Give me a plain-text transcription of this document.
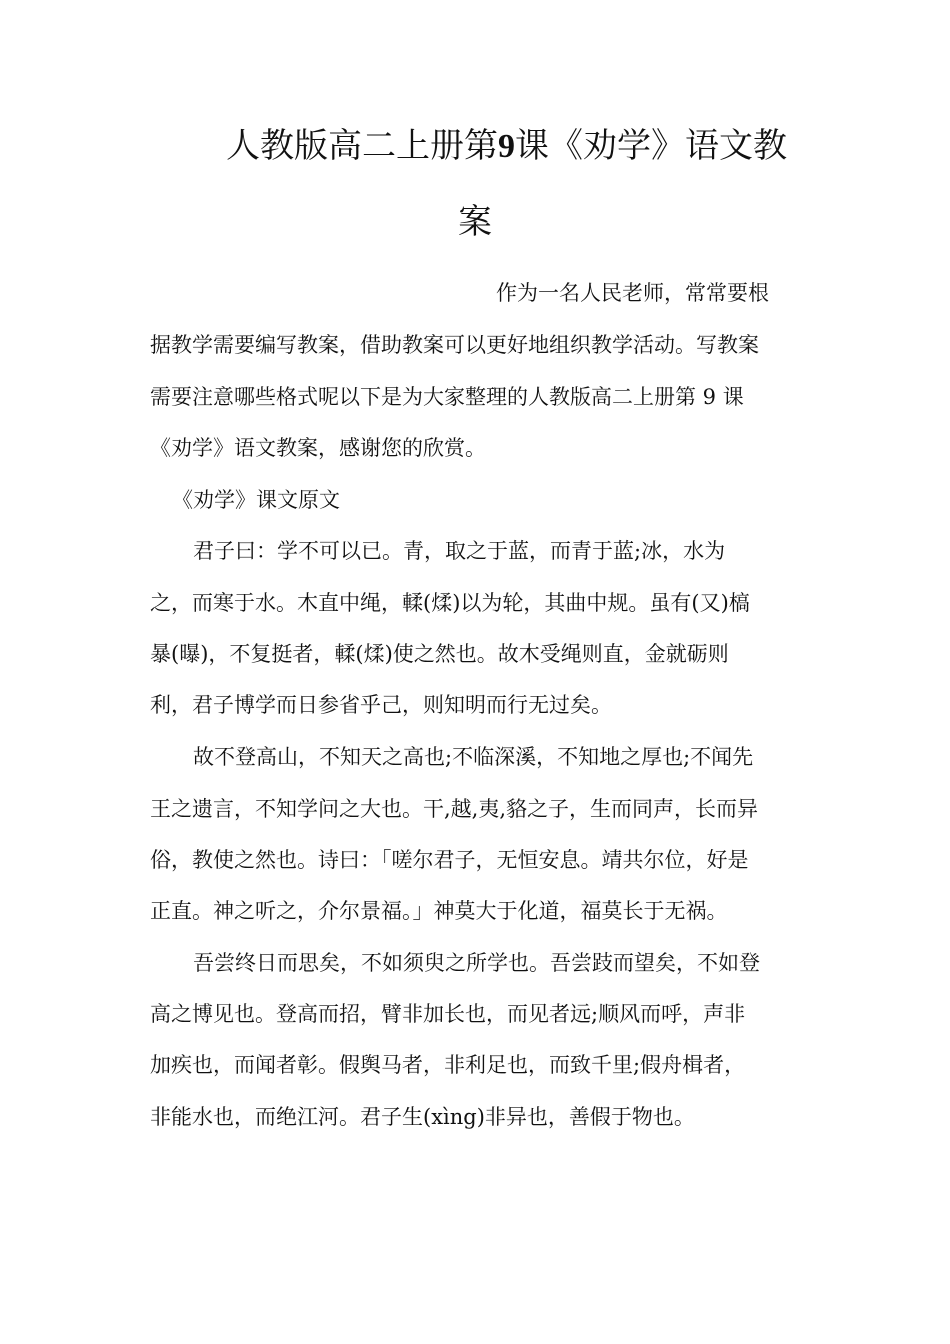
人教版高二上册第9课《劝学》语文教
案
作为一名人民老师，常常要根
据教学需要编写教案，借助教案可以更好地组织教学活动。写教案
需要注意哪些格式呢以下是为大家整理的人教版高二上册第 9 课
《劝学》语文教案，感谢您的欣赏。
《劝学》课文原文
君子曰：学不可以已。青，取之于蓝，而青于蓝;冰，水为
之，而寒于水。木直中绳，輮(煣)以为轮，其曲中规。虽有(又)槁
暴(曝)，不复挺者，輮(煣)使之然也。故木受绳则直，金就砺则
利，君子博学而日参省乎己，则知明而行无过矣。
故不登高山，不知天之高也;不临深溪，不知地之厚也;不闻先
王之遗言，不知学问之大也。干,越,夷,貉之子，生而同声，长而异
俗，教使之然也。诗曰：「嗟尔君子，无恒安息。靖共尔位，好是
正直。神之听之，介尔景福。」神莫大于化道，福莫长于无祸。
吾尝终日而思矣，不如须臾之所学也。吾尝跂而望矣，不如登
高之博见也。登高而招，臂非加长也，而见者远;顺风而呼，声非
加疾也，而闻者彰。假舆马者，非利足也，而致千里;假舟楫者，
非能水也，而绝江河。君子生(xìng)非异也，善假于物也。
